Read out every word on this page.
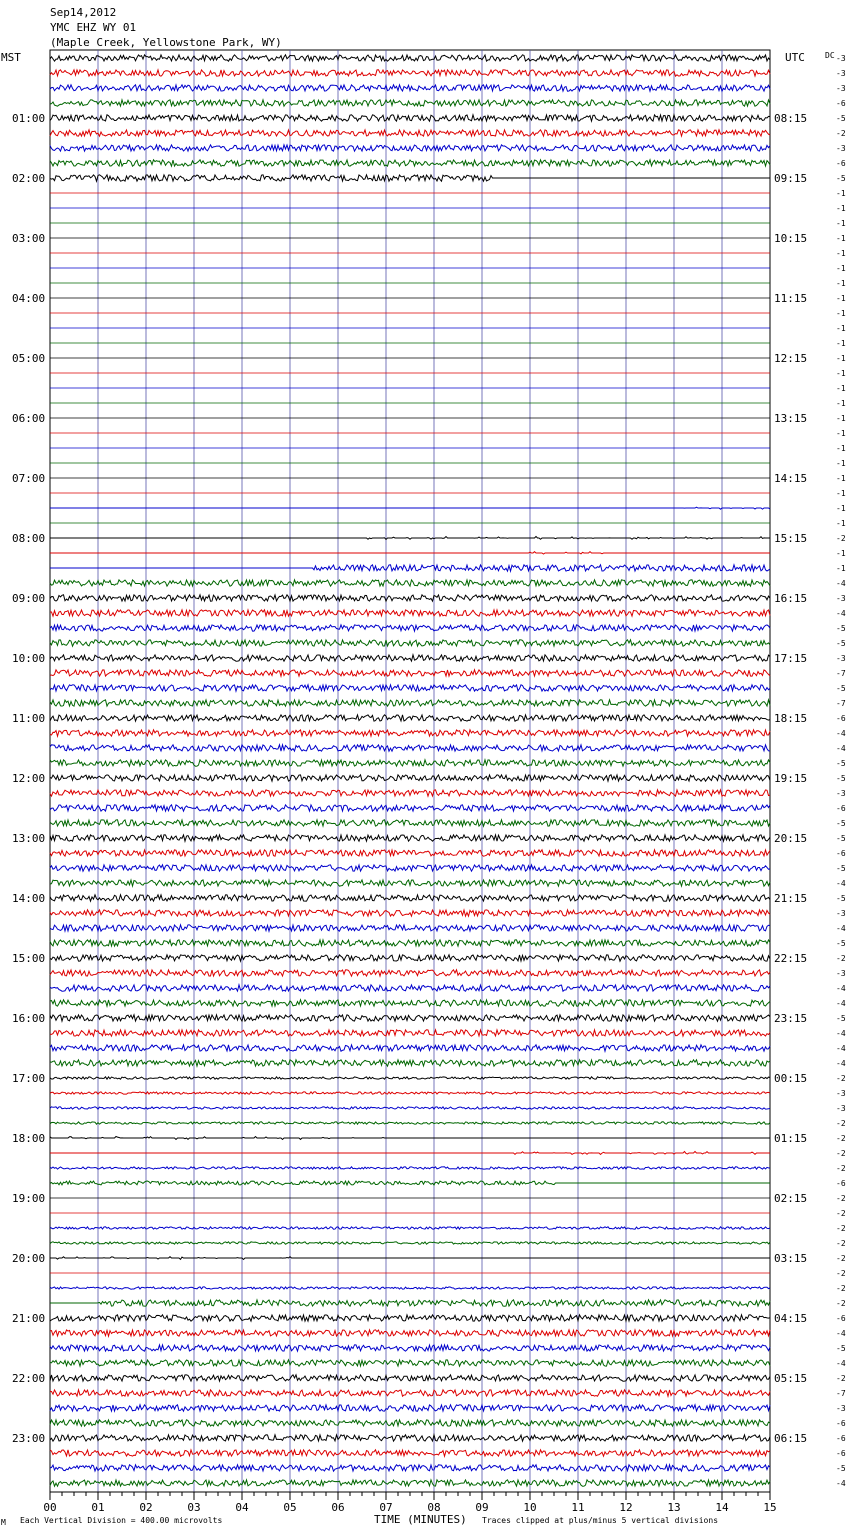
Sep14,2012
YMC EHZ WY 01
(Maple Creek, Yellowstone Park, WY)
MST	UTC	DC
01:00
02:00
03:00
04:00
05:00
06:00
07:00
08:00
09:00
10:00
11:00
12:00
13:00
14:00
15:00
16:00
17:00
18:00
19:00
20:00
21:00
22:00
23:00
08:15
09:15
10:15
11:15
12:15
13:15
14:15
15:15
16:15
17:15
18:15
19:15
20:15
21:15
22:15
23:15
00:15
01:15
02:15
03:15
04:15
05:15
06:15
-3
-3
-3
-6
-5
-2
-3
-6
-5
-1
-1
-1
-1
-1
-1
-1
-1
-1
-1
-1
-1
-1
-1
-1
-1
-1
-1
-1
-1
-1
-1
-1
-2
-1
-1
-4
-3
-4
-5
-5
-3
-7
-5
-7
-6
-4
-4
-5
-5
-3
-6
-5
-5
-6
-5
-4
-5
-3
-4
-5
-2
-3
-4
-4
-5
-4
-4
-4
-2
-3
-3
-2
-2
-2
-2
-6
-2
-2
-2
-2
-2
-2
-2
-2
-6
-4
-5
-4
-2
-7
-3
-6
-6
-6
-5
-4
00	01	02	03	04	05	06	07	08	09	10	11	12	13	14	15
TIME (MINUTES)
Each Vertical Division = 400.00 microvolts	Traces clipped at plus/minus 5 vertical divisions
M
